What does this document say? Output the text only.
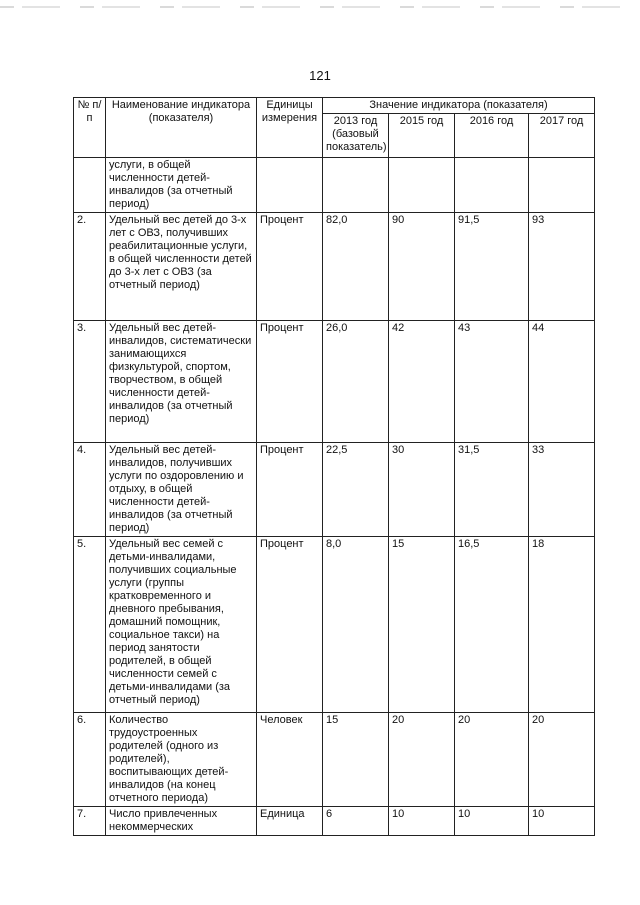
121
№ п/п	Наименование индикатора (показателя)	Единицы измерения	Значение индикатора (показателя)			
			2013 год (базовый показатель)	2015 год	2016 год	2017 год
	услуги, в общей численности детей-инвалидов (за отчетный период)					
2.	Удельный вес детей до 3-х лет с ОВЗ, получивших реабилитационные услуги, в общей численности детей до 3-х лет с ОВЗ (за отчетный период)	Процент	82,0	90	91,5	93
3.	Удельный вес детей-инвалидов, систематически занимающихся физкультурой, спортом, творчеством, в общей численности детей-инвалидов (за отчетный период)	Процент	26,0	42	43	44
4.	Удельный вес детей-инвалидов, получивших услуги по оздоровлению и отдыху, в общей численности детей-инвалидов (за отчетный период)	Процент	22,5	30	31,5	33
5.	Удельный вес семей с детьми-инвалидами, получивших социальные услуги (группы кратковременного и дневного пребывания, домашний помощник, социальное такси) на период занятости родителей, в общей численности семей с детьми-инвалидами (за отчетный период)	Процент	8,0	15	16,5	18
6.	Количество трудоустроенных родителей (одного из родителей), воспитывающих детей-инвалидов (на конец отчетного периода)	Человек	15	20	20	20
7.	Число привлеченных некоммерческих	Единица	6	10	10	10
